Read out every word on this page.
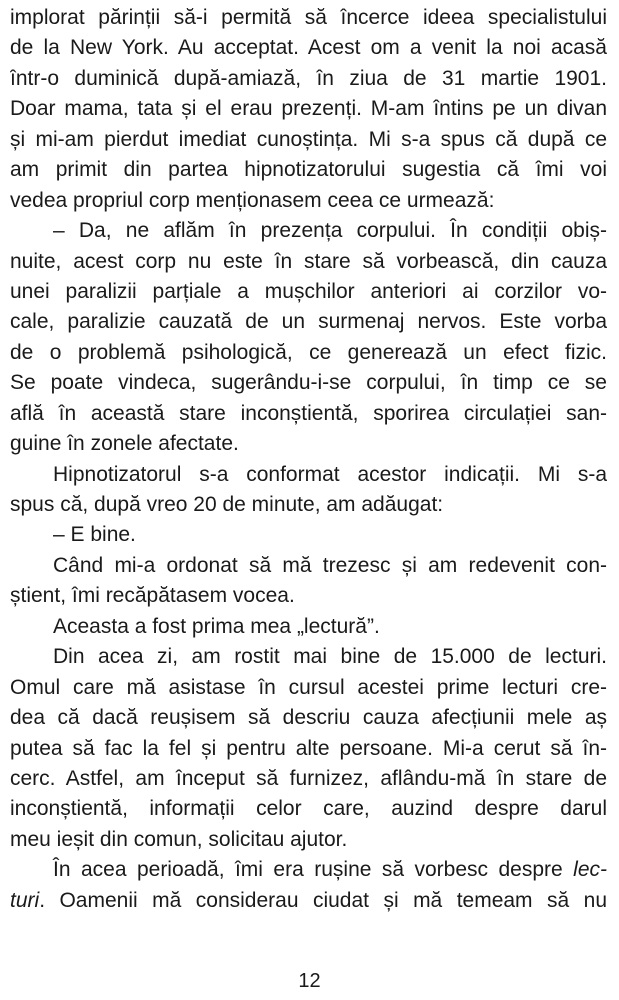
implorat părinții să-i permită să încerce ideea specialistului
de la New York. Au acceptat. Acest om a venit la noi acasă
într-o duminică după-amiază, în ziua de 31 martie 1901.
Doar mama, tata și el erau prezenți. M-am întins pe un divan
și mi-am pierdut imediat cunoștința. Mi s-a spus că după ce
am primit din partea hipnotizatorului sugestia că îmi voi
vedea propriul corp menționasem ceea ce urmează:
– Da, ne aflăm în prezența corpului. În condiții obiș-
nuite, acest corp nu este în stare să vorbească, din cauza
unei paralizii parțiale a mușchilor anteriori ai corzilor vo-
cale, paralizie cauzată de un surmenaj nervos. Este vorba
de o problemă psihologică, ce generează un efect fizic.
Se poate vindeca, sugerându-i-se corpului, în timp ce se
află în această stare inconștientă, sporirea circulației san-
guine în zonele afectate.
Hipnotizatorul s-a conformat acestor indicații. Mi s-a
spus că, după vreo 20 de minute, am adăugat:
– E bine.
Când mi-a ordonat să mă trezesc și am redevenit con-
știent, îmi recăpătasem vocea.
Aceasta a fost prima mea „lectură”.
Din acea zi, am rostit mai bine de 15.000 de lecturi.
Omul care mă asistase în cursul acestei prime lecturi cre-
dea că dacă reușisem să descriu cauza afecțiunii mele aș
putea să fac la fel și pentru alte persoane. Mi-a cerut să în-
cerc. Astfel, am început să furnizez, aflându-mă în stare de
inconștientă, informații celor care, auzind despre darul
meu ieșit din comun, solicitau ajutor.
În acea perioadă, îmi era rușine să vorbesc despre lec-
turi. Oamenii mă considerau ciudat și mă temeam să nu
12
